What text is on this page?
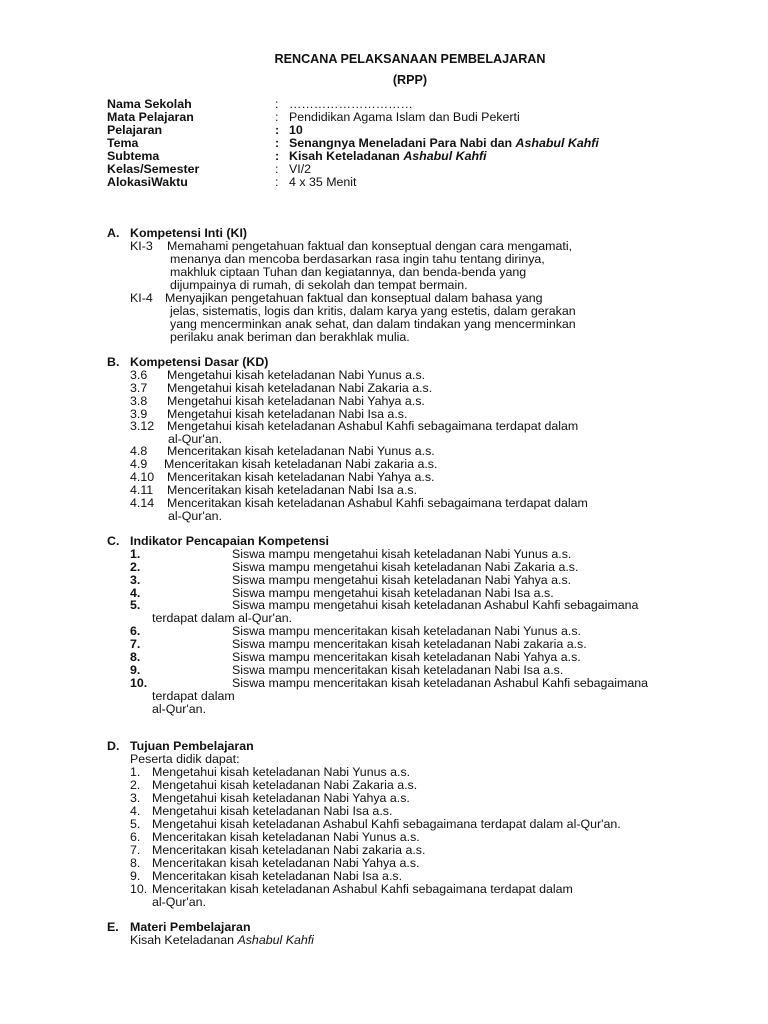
RENCANA PELAKSANAAN PEMBELAJARAN
(RPP)
Nama Sekolah	: …………………………
Mata Pelajaran	: Pendidikan Agama Islam dan Budi Pekerti
Pelajaran	: 10
Tema	: Senangnya Meneladani Para Nabi dan Ashabul Kahfi
Subtema	: Kisah Keteladanan Ashabul Kahfi
Kelas/Semester	: VI/2
AlokasiWaktu	: 4 x 35 Menit
A. Kompetensi Inti (KI)
KI-3 Memahami pengetahuan faktual dan konseptual dengan cara mengamati,
menanya dan mencoba berdasarkan rasa ingin tahu tentang dirinya,
makhluk ciptaan Tuhan dan kegiatannya, dan benda-benda yang
dijumpainya di rumah, di sekolah dan tempat bermain.
KI-4 Menyajikan pengetahuan faktual dan konseptual dalam bahasa yang
jelas, sistematis, logis dan kritis, dalam karya yang estetis, dalam gerakan
yang mencerminkan anak sehat, dan dalam tindakan yang mencerminkan
perilaku anak beriman dan berakhlak mulia.
B. Kompetensi Dasar (KD)
3.6 Mengetahui kisah keteladanan Nabi Yunus a.s.
3.7 Mengetahui kisah keteladanan Nabi Zakaria a.s.
3.8 Mengetahui kisah keteladanan Nabi Yahya a.s.
3.9 Mengetahui kisah keteladanan Nabi Isa a.s.
3.12 Mengetahui kisah keteladanan Ashabul Kahfi sebagaimana terdapat dalam
al-Qur'an.
4.8 Menceritakan kisah keteladanan Nabi Yunus a.s.
4.9 Menceritakan kisah keteladanan Nabi zakaria a.s.
4.10 Menceritakan kisah keteladanan Nabi Yahya a.s.
4.11 Menceritakan kisah keteladanan Nabi Isa a.s.
4.14 Menceritakan kisah keteladanan Ashabul Kahfi sebagaimana terdapat dalam
al-Qur'an.
C. Indikator Pencapaian Kompetensi
1.	Siswa mampu mengetahui kisah keteladanan Nabi Yunus a.s.
2.	Siswa mampu mengetahui kisah keteladanan Nabi Zakaria a.s.
3.	Siswa mampu mengetahui kisah keteladanan Nabi Yahya a.s.
4.	Siswa mampu mengetahui kisah keteladanan Nabi Isa a.s.
5.	Siswa mampu mengetahui kisah keteladanan Ashabul Kahfi sebagaimana
terdapat dalam al-Qur'an.
6.	Siswa mampu menceritakan kisah keteladanan Nabi Yunus a.s.
7.	Siswa mampu menceritakan kisah keteladanan Nabi zakaria a.s.
8.	Siswa mampu menceritakan kisah keteladanan Nabi Yahya a.s.
9.	Siswa mampu menceritakan kisah keteladanan Nabi Isa a.s.
10.	Siswa mampu menceritakan kisah keteladanan Ashabul Kahfi sebagaimana
terdapat dalam
al-Qur'an.
D. Tujuan Pembelajaran
Peserta didik dapat:
1. Mengetahui kisah keteladanan Nabi Yunus a.s.
2. Mengetahui kisah keteladanan Nabi Zakaria a.s.
3. Mengetahui kisah keteladanan Nabi Yahya a.s.
4. Mengetahui kisah keteladanan Nabi Isa a.s.
5. Mengetahui kisah keteladanan Ashabul Kahfi sebagaimana terdapat dalam al-Qur'an.
6. Menceritakan kisah keteladanan Nabi Yunus a.s.
7. Menceritakan kisah keteladanan Nabi zakaria a.s.
8. Menceritakan kisah keteladanan Nabi Yahya a.s.
9. Menceritakan kisah keteladanan Nabi Isa a.s.
10. Menceritakan kisah keteladanan Ashabul Kahfi sebagaimana terdapat dalam
al-Qur'an.
E. Materi Pembelajaran
Kisah Keteladanan Ashabul Kahfi
